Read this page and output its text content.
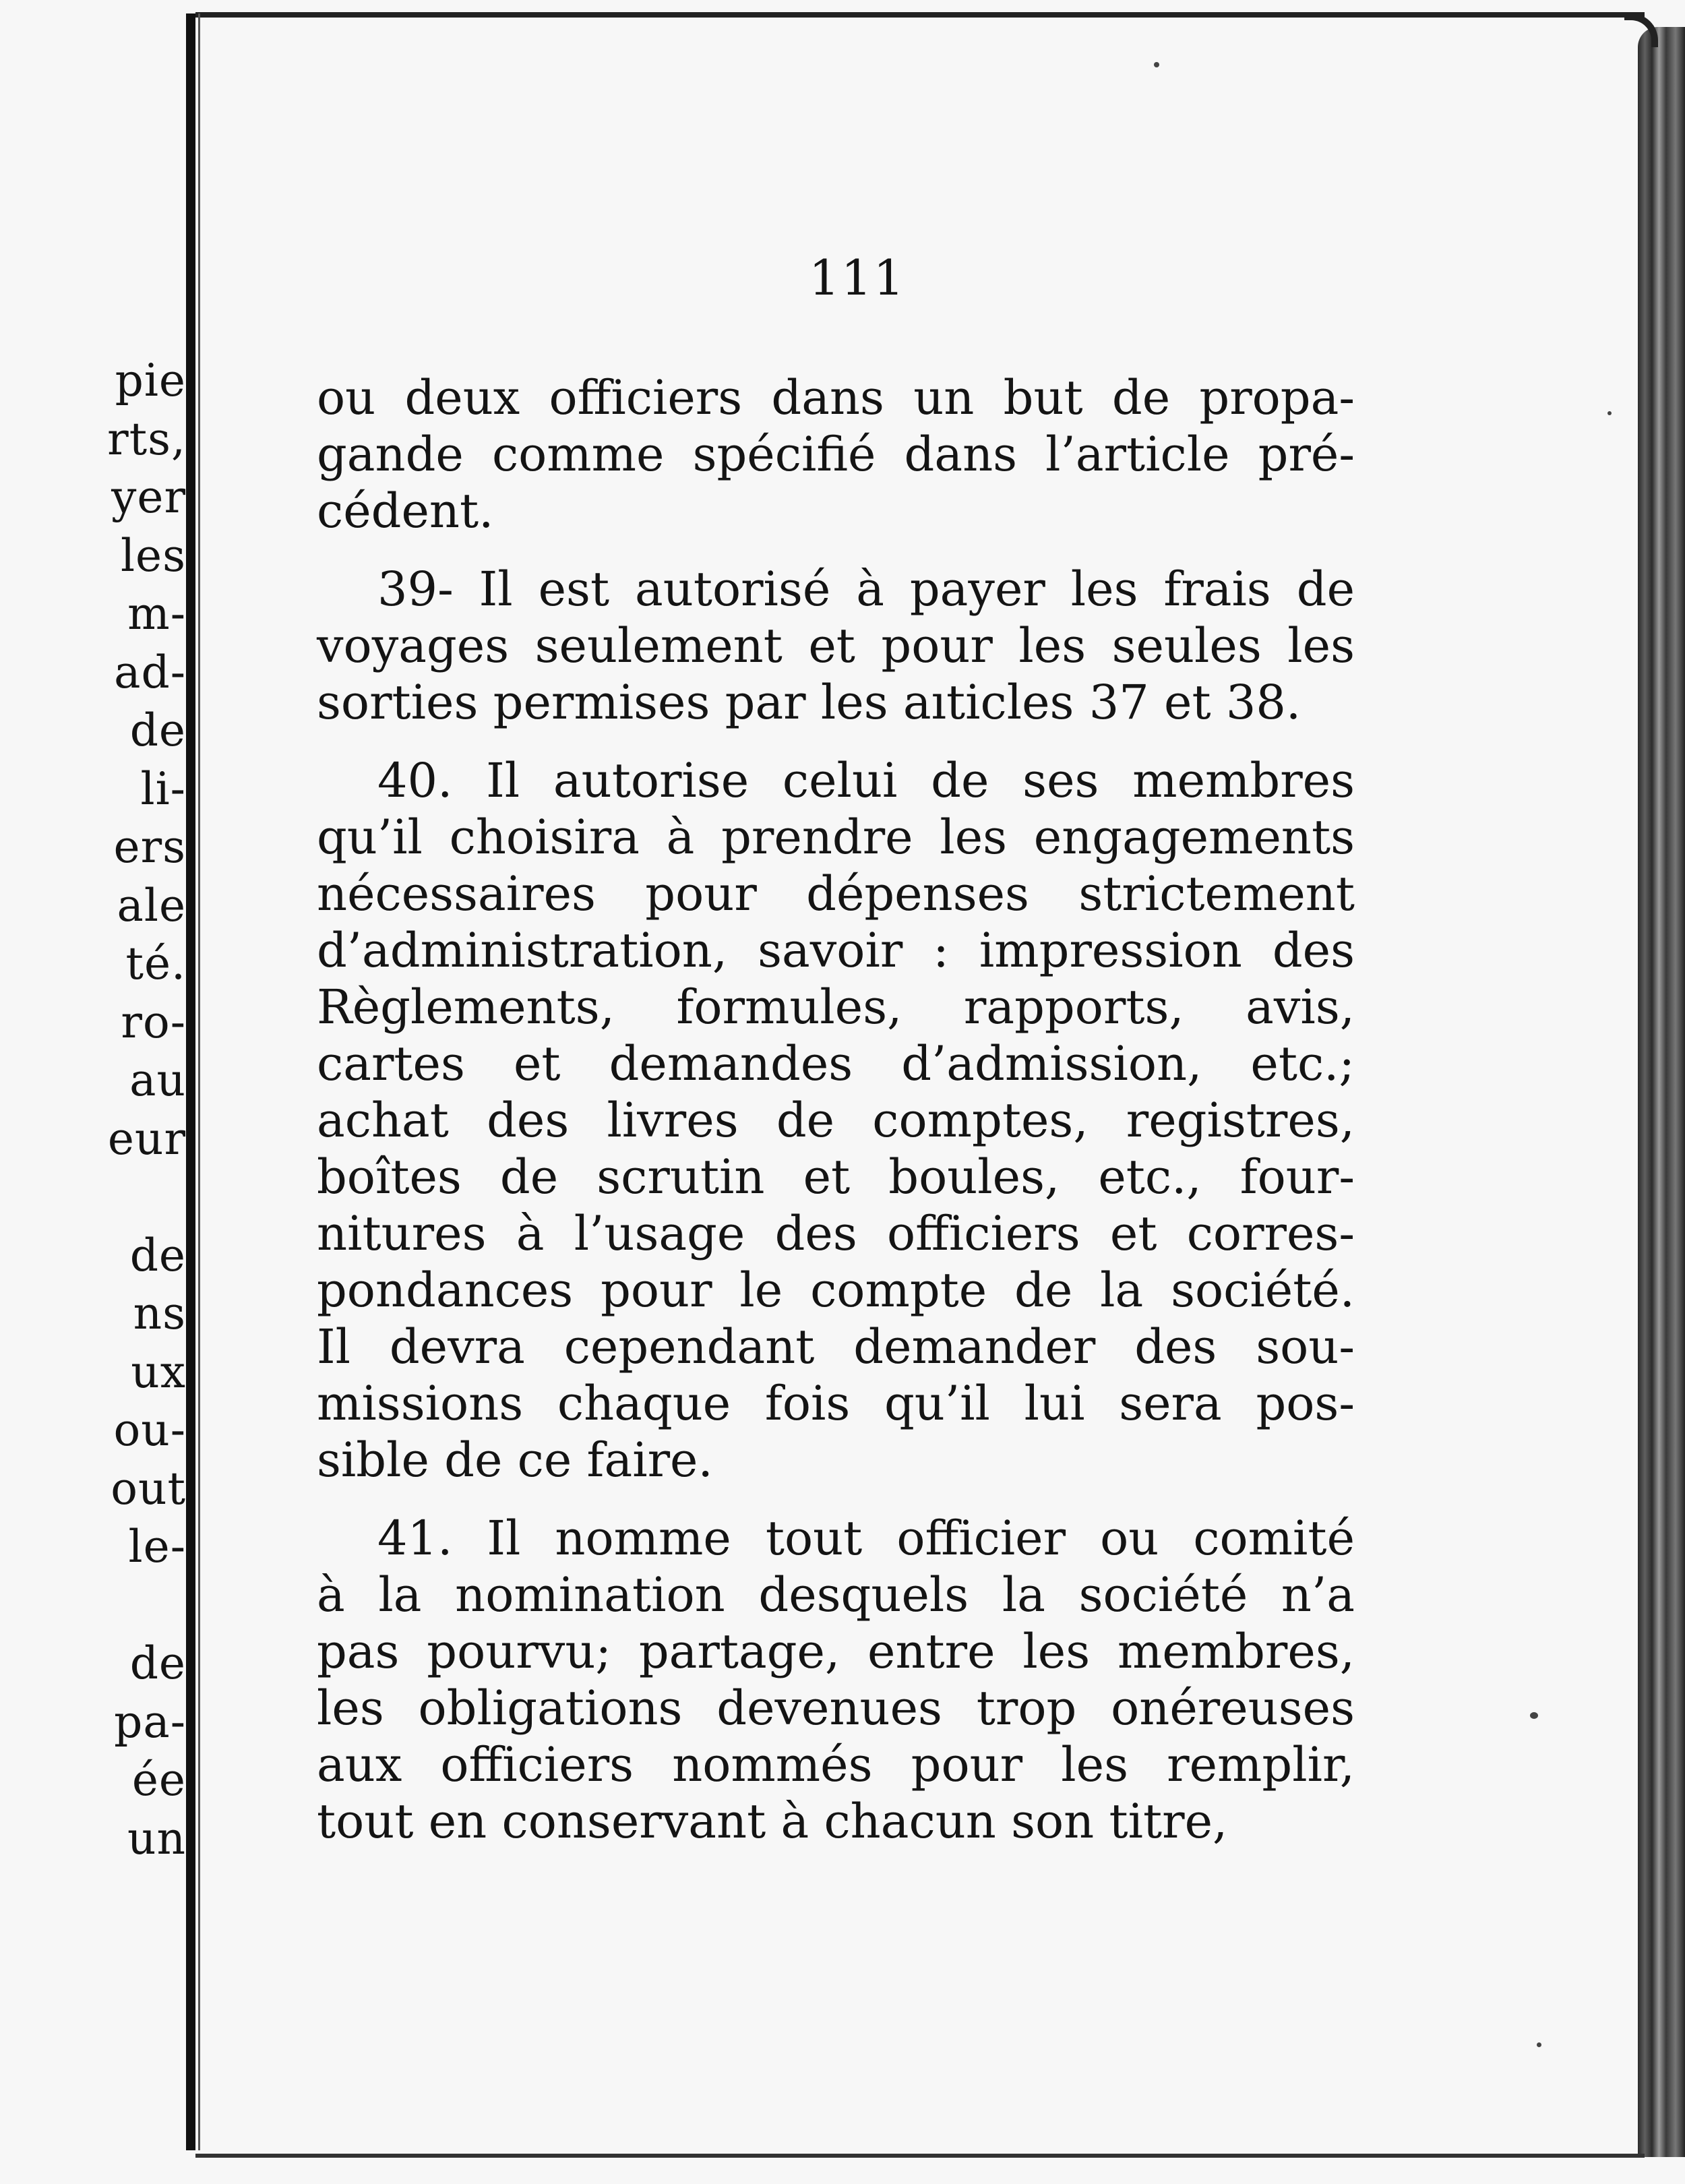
pie
rts,
yer
les
m-
ad-
de
li-
ers
ale
té.
ro-
au
eur
de
ns
ux
ou-
out
le-
de
pa-
ée
un
111
ou deux officiers dans un but de propa-
gande comme spécifié dans l’article pré-
cédent.
39- Il est autorisé à payer les frais de
voyages seulement et pour les seules les
sorties permises par les aıticles 37 et 38.
40. Il autorise celui de ses membres
qu’il choisira à prendre les engagements
nécessaires pour dépenses strictement
d’administration, savoir : impression des
Règlements, formules, rapports, avis,
cartes et demandes d’admission, etc.;
achat des livres de comptes, registres,
boîtes de scrutin et boules, etc., four-
nitures à l’usage des officiers et corres-
pondances pour le compte de la société.
Il devra cependant demander des sou-
missions chaque fois qu’il lui sera pos-
sible de ce faire.
41. Il nomme tout officier ou comité
à la nomination desquels la société n’a
pas pourvu; partage, entre les membres,
les obligations devenues trop onéreuses
aux officiers nommés pour les remplir,
tout en conservant à chacun son titre,
